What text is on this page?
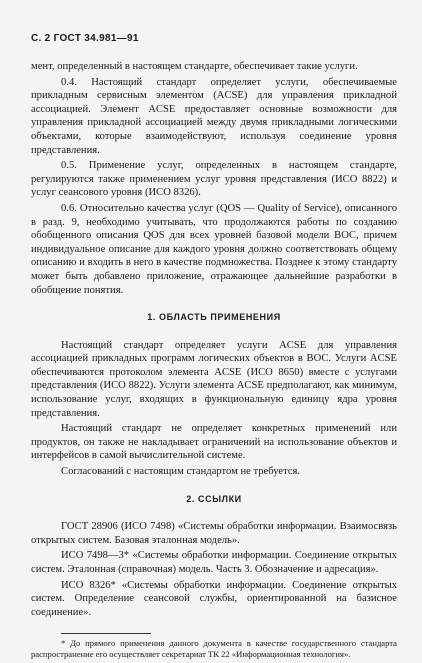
С. 2 ГОСТ 34.981—91

мент, определенный в настоящем стандарте, обеспечивает такие услуги.

0.4. Настоящий стандарт определяет услуги, обеспечиваемые прикладным сервисным элементом (ACSE) для управления прикладной ассоциацией. Элемент ACSE предоставляет основные возможности для управления прикладной ассоциацией между двумя прикладными логическими объектами, которые взаимодействуют, используя соединение уровня представления.

0.5. Применение услуг, определенных в настоящем стандарте, регулируются также применением услуг уровня представления (ИСО 8822) и услуг сеансового уровня (ИСО 8326).

0.6. Относительно качества услуг (QOS — Quality of Service), описанного в разд. 9, необходимо учитывать, что продолжаются работы по созданию обобщенного описания QOS для всех уровней базовой модели ВОС, причем индивидуальное описание для каждого уровня должно соответствовать общему описанию и входить в него в качестве подмножества. Позднее к этому стандарту может быть добавлено приложение, отражающее дальнейшие разработки в обобщение понятия.

1. ОБЛАСТЬ ПРИМЕНЕНИЯ

Настоящий стандарт определяет услуги ACSE для управления ассоциацией прикладных программ логических объектов в ВОС. Услуги ACSE обеспечиваются протоколом элемента ACSE (ИСО 8650) вместе с услугами представления (ИСО 8822). Услуги элемента ACSE предполагают, как минимум, использование услуг, входящих в функциональную единицу ядра уровня представления.

Настоящий стандарт не определяет конкретных применений или продуктов, он также не накладывает ограничений на использование объектов и интерфейсов в самой вычислительной системе.

Согласований с настоящим стандартом не требуется.

2. ССЫЛКИ

ГОСТ 28906 (ИСО 7498) «Системы обработки информации. Взаимосвязь открытых систем. Базовая эталонная модель».

ИСО 7498—3* «Системы обработки информации. Соединение открытых систем. Эталонная (справочная) модель. Часть 3. Обозначение и адресация».

ИСО 8326* «Системы обработки информации. Соединение открытых систем. Определение сеансовой службы, ориентированной на базисное соединение».

* До прямого применения данного документа в качестве государственного стандарта распространение его осуществляет секретариат ТК 22 «Информационная технология».
